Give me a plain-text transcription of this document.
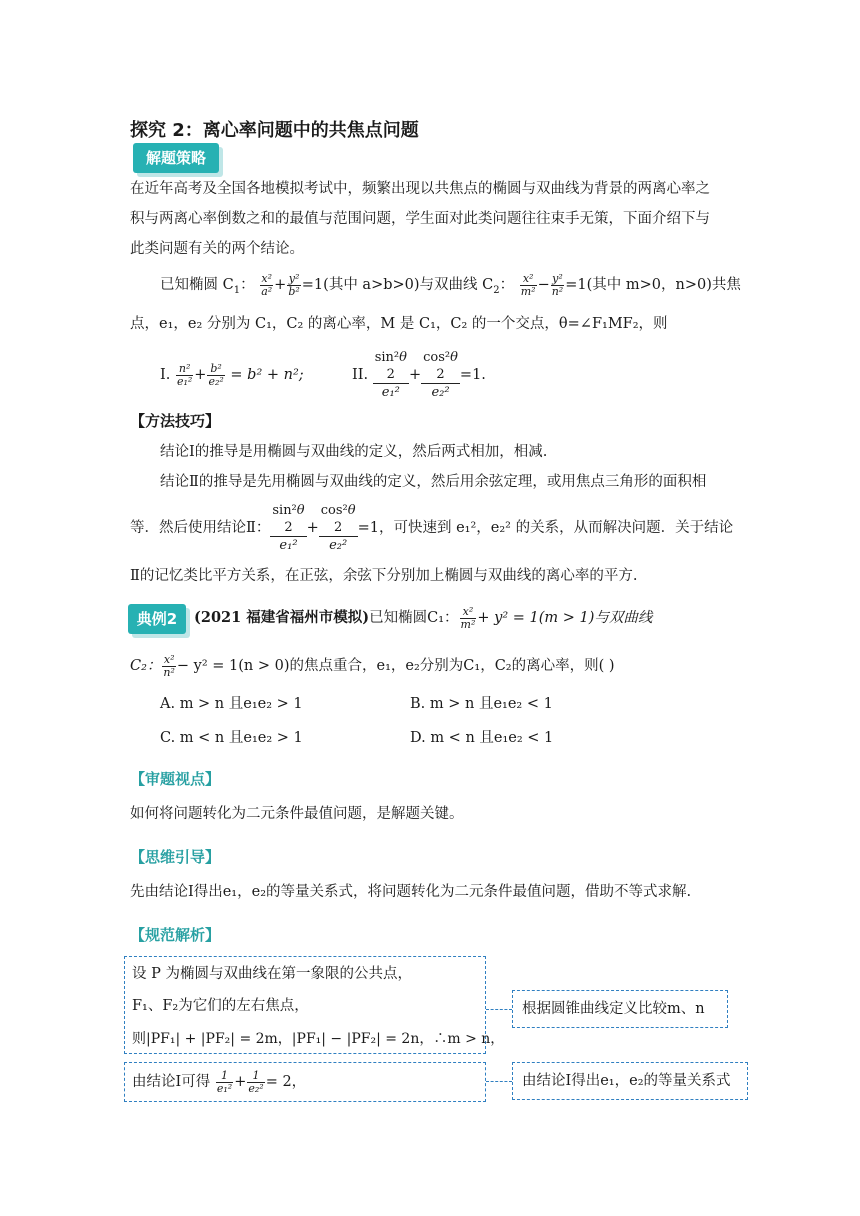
探究 2：离心率问题中的共焦点问题
解题策略
在近年高考及全国各地模拟考试中，频繁出现以共焦点的椭圆与双曲线为背景的两离心率之
积与两离心率倒数之和的最值与范围问题，学生面对此类问题往往束手无策，下面介绍下与
此类问题有关的两个结论。
已知椭圆 $C_1$： $\frac{\text{x²}}{\text{a²}} + \frac{\text{y²}}{\text{b²}} =1$(其中 a>b>0)与双曲线 $C_2$： $\frac{\text{x²}}{\text{m²}} - \frac{\text{y²}}{\text{n²}} =1$(其中 m>0，n>0)共焦
点，e₁，e₂ 分别为 C₁，C₂ 的离心率，M 是 C₁，C₂ 的一个交点，θ=∠F₁MF₂，则
I. $\frac{\text{n²}}{\text{e₁²}} + \frac{\text{b²}}{\text{e₂²}} = b^2 + n^2$;	II.
sin²θ
2
e₁²
+
cos²θ
2
e₂²
=1.
【方法技巧】
结论Ⅰ的推导是用椭圆与双曲线的定义，然后两式相加，相减.
结论Ⅱ的推导是先用椭圆与双曲线的定义，然后用余弦定理，或用焦点三角形的面积相
等．然后使用结论Ⅱ：
sin²θ
2
e₁²
+
cos²θ
2
e₂²
=1，可快速到 e₁²，e₂² 的关系，从而解决问题．关于结论
Ⅱ的记忆类比平方关系，在正弦，余弦下分别加上椭圆与双曲线的离心率的平方.
典例2	(2021 福建省福州市模拟)已知椭圆C₁： $\frac{\text{x²}}{\text{m²}} + y^2 = 1(m > 1)$与双曲线
C₂： $\frac{\text{x²}}{\text{n²}} - y^2 = 1(n > 0)$的焦点重合，e₁，e₂分别为C₁，C₂的离心率，则( )
A. m > n 且e₁e₂ > 1	B. m > n 且e₁e₂ < 1
C. m < n 且e₁e₂ > 1	D. m < n 且e₁e₂ < 1
【审题视点】
如何将问题转化为二元条件最值问题，是解题关键。
【思维引导】
先由结论Ⅰ得出e₁，e₂的等量关系式，将问题转化为二元条件最值问题，借助不等式求解.
【规范解析】
设 P 为椭圆与双曲线在第一象限的公共点，
F₁、F₂为它们的左右焦点，
则|PF₁| + |PF₂| = 2m，|PF₁| − |PF₂| = 2n，∴m > n，
由结论Ⅰ可得 $\frac{1}{\text{e₁²}} + \frac{1}{\text{e₂²}} = 2$，
根据圆锥曲线定义比较m、n
由结论Ⅰ得出e₁，e₂的等量关系式
